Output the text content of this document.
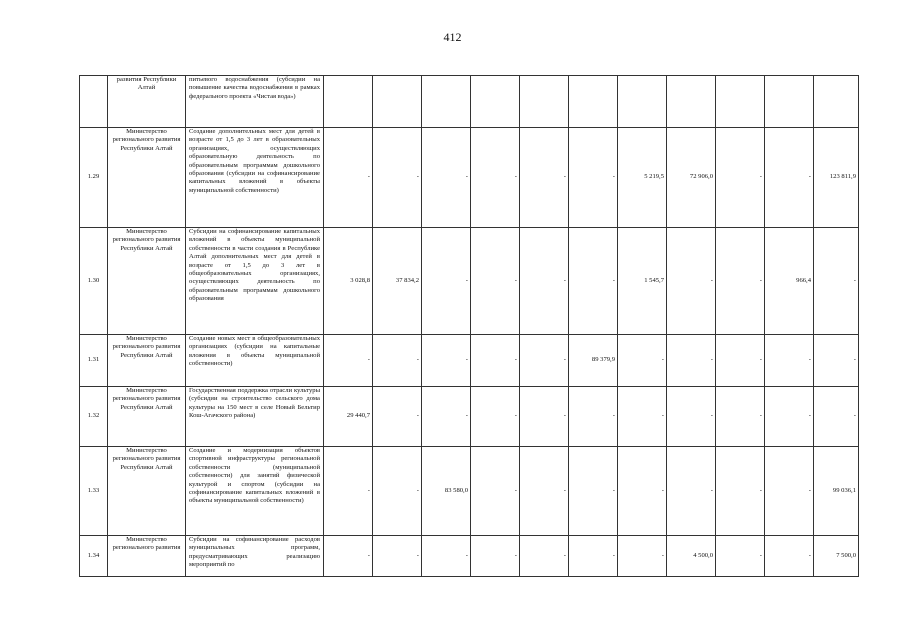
412
	развития Республики Алтай	питьевого водоснабжения (субсидии на повышение качества водоснабжения в рамках федерального проекта «Чистая вода»)											
1.29	Министерство регионального развития Республики Алтай	Создание дополнительных мест для детей в возрасте от 1,5 до 3 лет в образовательных организациях, осуществляющих образовательную деятельность по образовательным программам дошкольного образования (субсидии на софинансирование капитальных вложений в объекты муниципальной собственности)	-	-	-	-	-	-	5 219,5	72 906,0	-	-	123 811,9
1.30	Министерство регионального развития Республики Алтай	Субсидии на софинансирование капитальных вложений в объекты муниципальной собственности в части создания в Республике Алтай дополнительных мест для детей в возрасте от 1,5 до 3 лет в общеобразовательных организациях, осуществляющих деятельность по образовательным программам дошкольного образования	3 028,8	37 834,2	-	-	-	-	1 545,7	-	-	966,4	-
1.31	Министерство регионального развития Республики Алтай	Создание новых мест в общеобразовательных организациях (субсидии на капитальные вложения в объекты муниципальной собственности)	-	-	-	-	-	89 379,9	-	-	-	-	-
1.32	Министерство регионального развития Республики Алтай	Государственная поддержка отрасли культуры (субсидии на строительство сельского дома культуры на 150 мест в селе Новый Бельтир Кош-Агачского района)	29 440,7	-	-	-	-	-	-	-	-	-	-
1.33	Министерство регионального развития Республики Алтай	Создание и модернизация объектов спортивной инфраструктуры региональной собственности (муниципальной собственности) для занятий физической культурой и спортом (субсидии на софинансирование капитальных вложений в объекты муниципальной собственности)	-	-	83 580,0	-	-	-	-	-	-	-	99 036,1
1.34	Министерство регионального развития	Субсидии на софинансирование расходов муниципальных программ, предусматривающих реализацию мероприятий по	-	-	-	-	-	-	-	4 500,0	-	-	7 500,0
